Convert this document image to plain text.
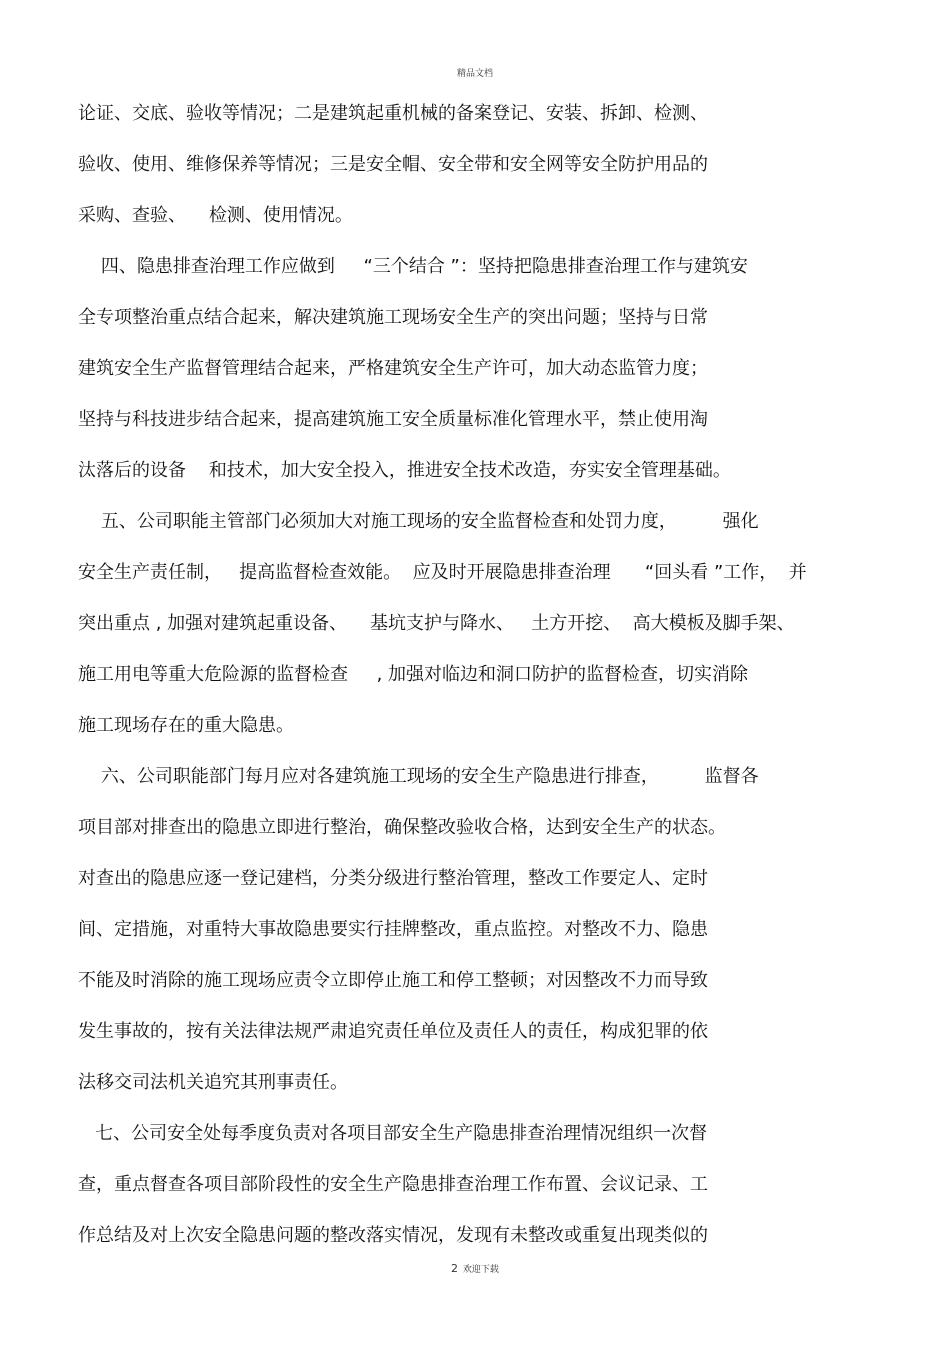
精品文档
论证、交底、验收等情况；二是建筑起重机械的备案登记、安装、拆卸、检测、
验收、使用、维修保养等情况；三是安全帽、安全带和安全网等安全防护用品的
采购、查验、    检测、使用情况。
四、隐患排查治理工作应做到     “三个结合 ”：坚持把隐患排查治理工作与建筑安
全专项整治重点结合起来，解决建筑施工现场安全生产的突出问题；坚持与日常
建筑安全生产监督管理结合起来，严格建筑安全生产许可，加大动态监管力度；
坚持与科技进步结合起来，提高建筑施工安全质量标准化管理水平，禁止使用淘
汰落后的设备    和技术，加大安全投入，推进安全技术改造，夯实安全管理基础。
五、公司职能主管部门必须加大对施工现场的安全监督检查和处罚力度，        强化
安全生产责任制，   提高监督检查效能。  应及时开展隐患排查治理      “回头看 ”工作，  并
突出重点 , 加强对建筑起重设备、    基坑支护与降水、   土方开挖、  高大模板及脚手架、
施工用电等重大危险源的监督检查     , 加强对临边和洞口防护的监督检查，切实消除
施工现场存在的重大隐患。
六、公司职能部门每月应对各建筑施工现场的安全生产隐患进行排查，        监督各
项目部对排查出的隐患立即进行整治，确保整改验收合格，达到安全生产的状态。
对查出的隐患应逐一登记建档，分类分级进行整治管理，整改工作要定人、定时
间、定措施，对重特大事故隐患要实行挂牌整改，重点监控。对整改不力、隐患
不能及时消除的施工现场应责令立即停止施工和停工整顿；对因整改不力而导致
发生事故的，按有关法律法规严肃追究责任单位及责任人的责任，构成犯罪的依
法移交司法机关追究其刑事责任。
七、公司安全处每季度负责对各项目部安全生产隐患排查治理情况组织一次督
查，重点督查各项目部阶段性的安全生产隐患排查治理工作布置、会议记录、工
作总结及对上次安全隐患问题的整改落实情况，发现有未整改或重复出现类似的
2 欢迎下载
